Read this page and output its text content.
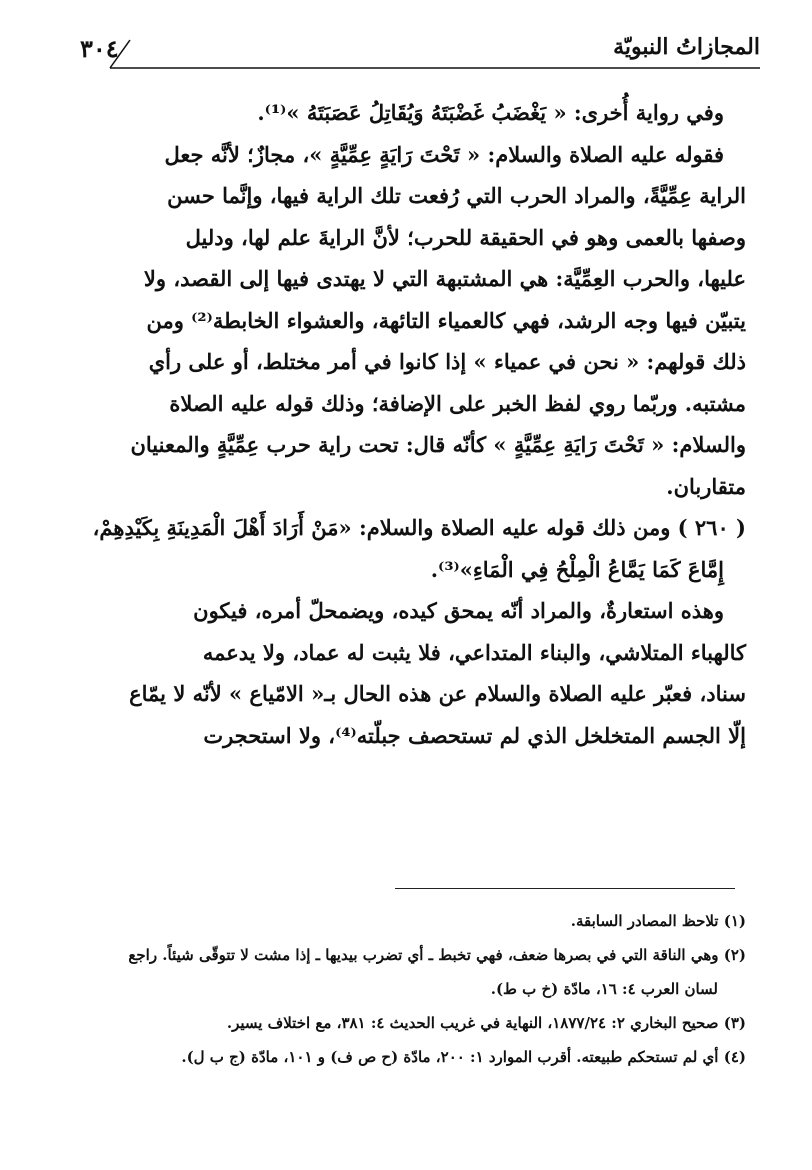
المجازاتُ النبويّة
٣٠٤

وفي رواية أُخرى: « يَغْضَبُ غَضْبَتَهُ وَيُقَاتِلُ عَصَبَتَهُ »⁽¹⁾.

فقوله عليه الصلاة والسلام: « تَحْتَ رَايَةٍ عِمِّيَّةٍ »، مجازٌ؛ لأنَّه جعل

الراية عِمِّيَّةً، والمراد الحرب التي رُفعت تلك الراية فيها، وإنَّما حسن

وصفها بالعمى وهو في الحقيقة للحرب؛ لأنَّ الرايةَ علم لها، ودليل

عليها، والحرب العِمِّيَّة: هي المشتبهة التي لا يهتدى فيها إلى القصد، ولا

يتبيّن فيها وجه الرشد، فهي كالعمياء التائهة، والعشواء الخابطة⁽²⁾ ومن

ذلك قولهم: « نحن في عمياء » إذا كانوا في أمر مختلط، أو على رأي

مشتبه. وربّما روي لفظ الخبر على الإضافة؛ وذلك قوله عليه الصلاة

والسلام: « تَحْتَ رَايَةِ عِمِّيَّةٍ » كأنّه قال: تحت راية حرب عِمِّيَّةٍ والمعنيان

متقاربان.

( ٢٦٠ ) ومن ذلك قوله عليه الصلاة والسلام: «مَنْ أَرَادَ أَهْلَ الْمَدِينَةِ بِكَيْدِهِمْ،

إِمَّاعَ كَمَا يَمَّاعُ الْمِلْحُ فِي الْمَاءِ»⁽³⁾.

وهذه استعارةٌ، والمراد أنّه يمحق كيده، ويضمحلّ أمره، فيكون

كالهباء المتلاشي، والبناء المتداعي، فلا يثبت له عماد، ولا يدعمه

سناد، فعبّر عليه الصلاة والسلام عن هذه الحال بـ« الامّياع » لأنّه لا يمّاع

إلّا الجسم المتخلخل الذي لم تستحصف جبلّته⁽⁴⁾، ولا استحجرت

(١) تلاحظ المصادر السابقة.

(٢) وهي الناقة التي في بصرها ضعف، فهي تخبط ـ أي تضرب بيديها ـ إذا مشت لا تتوقّى شيئاً. راجع

لسان العرب ٤: ١٦، مادّة (خ ب ط).

(٣) صحيح البخاري ٢: ١٨٧٧/٢٤، النهاية في غريب الحديث ٤: ٣٨١، مع اختلاف يسير.

(٤) أي لم تستحكم طبيعته. أقرب الموارد ١: ٢٠٠، مادّة (ح ص ف) و ١٠١، مادّة (ج ب ل).
